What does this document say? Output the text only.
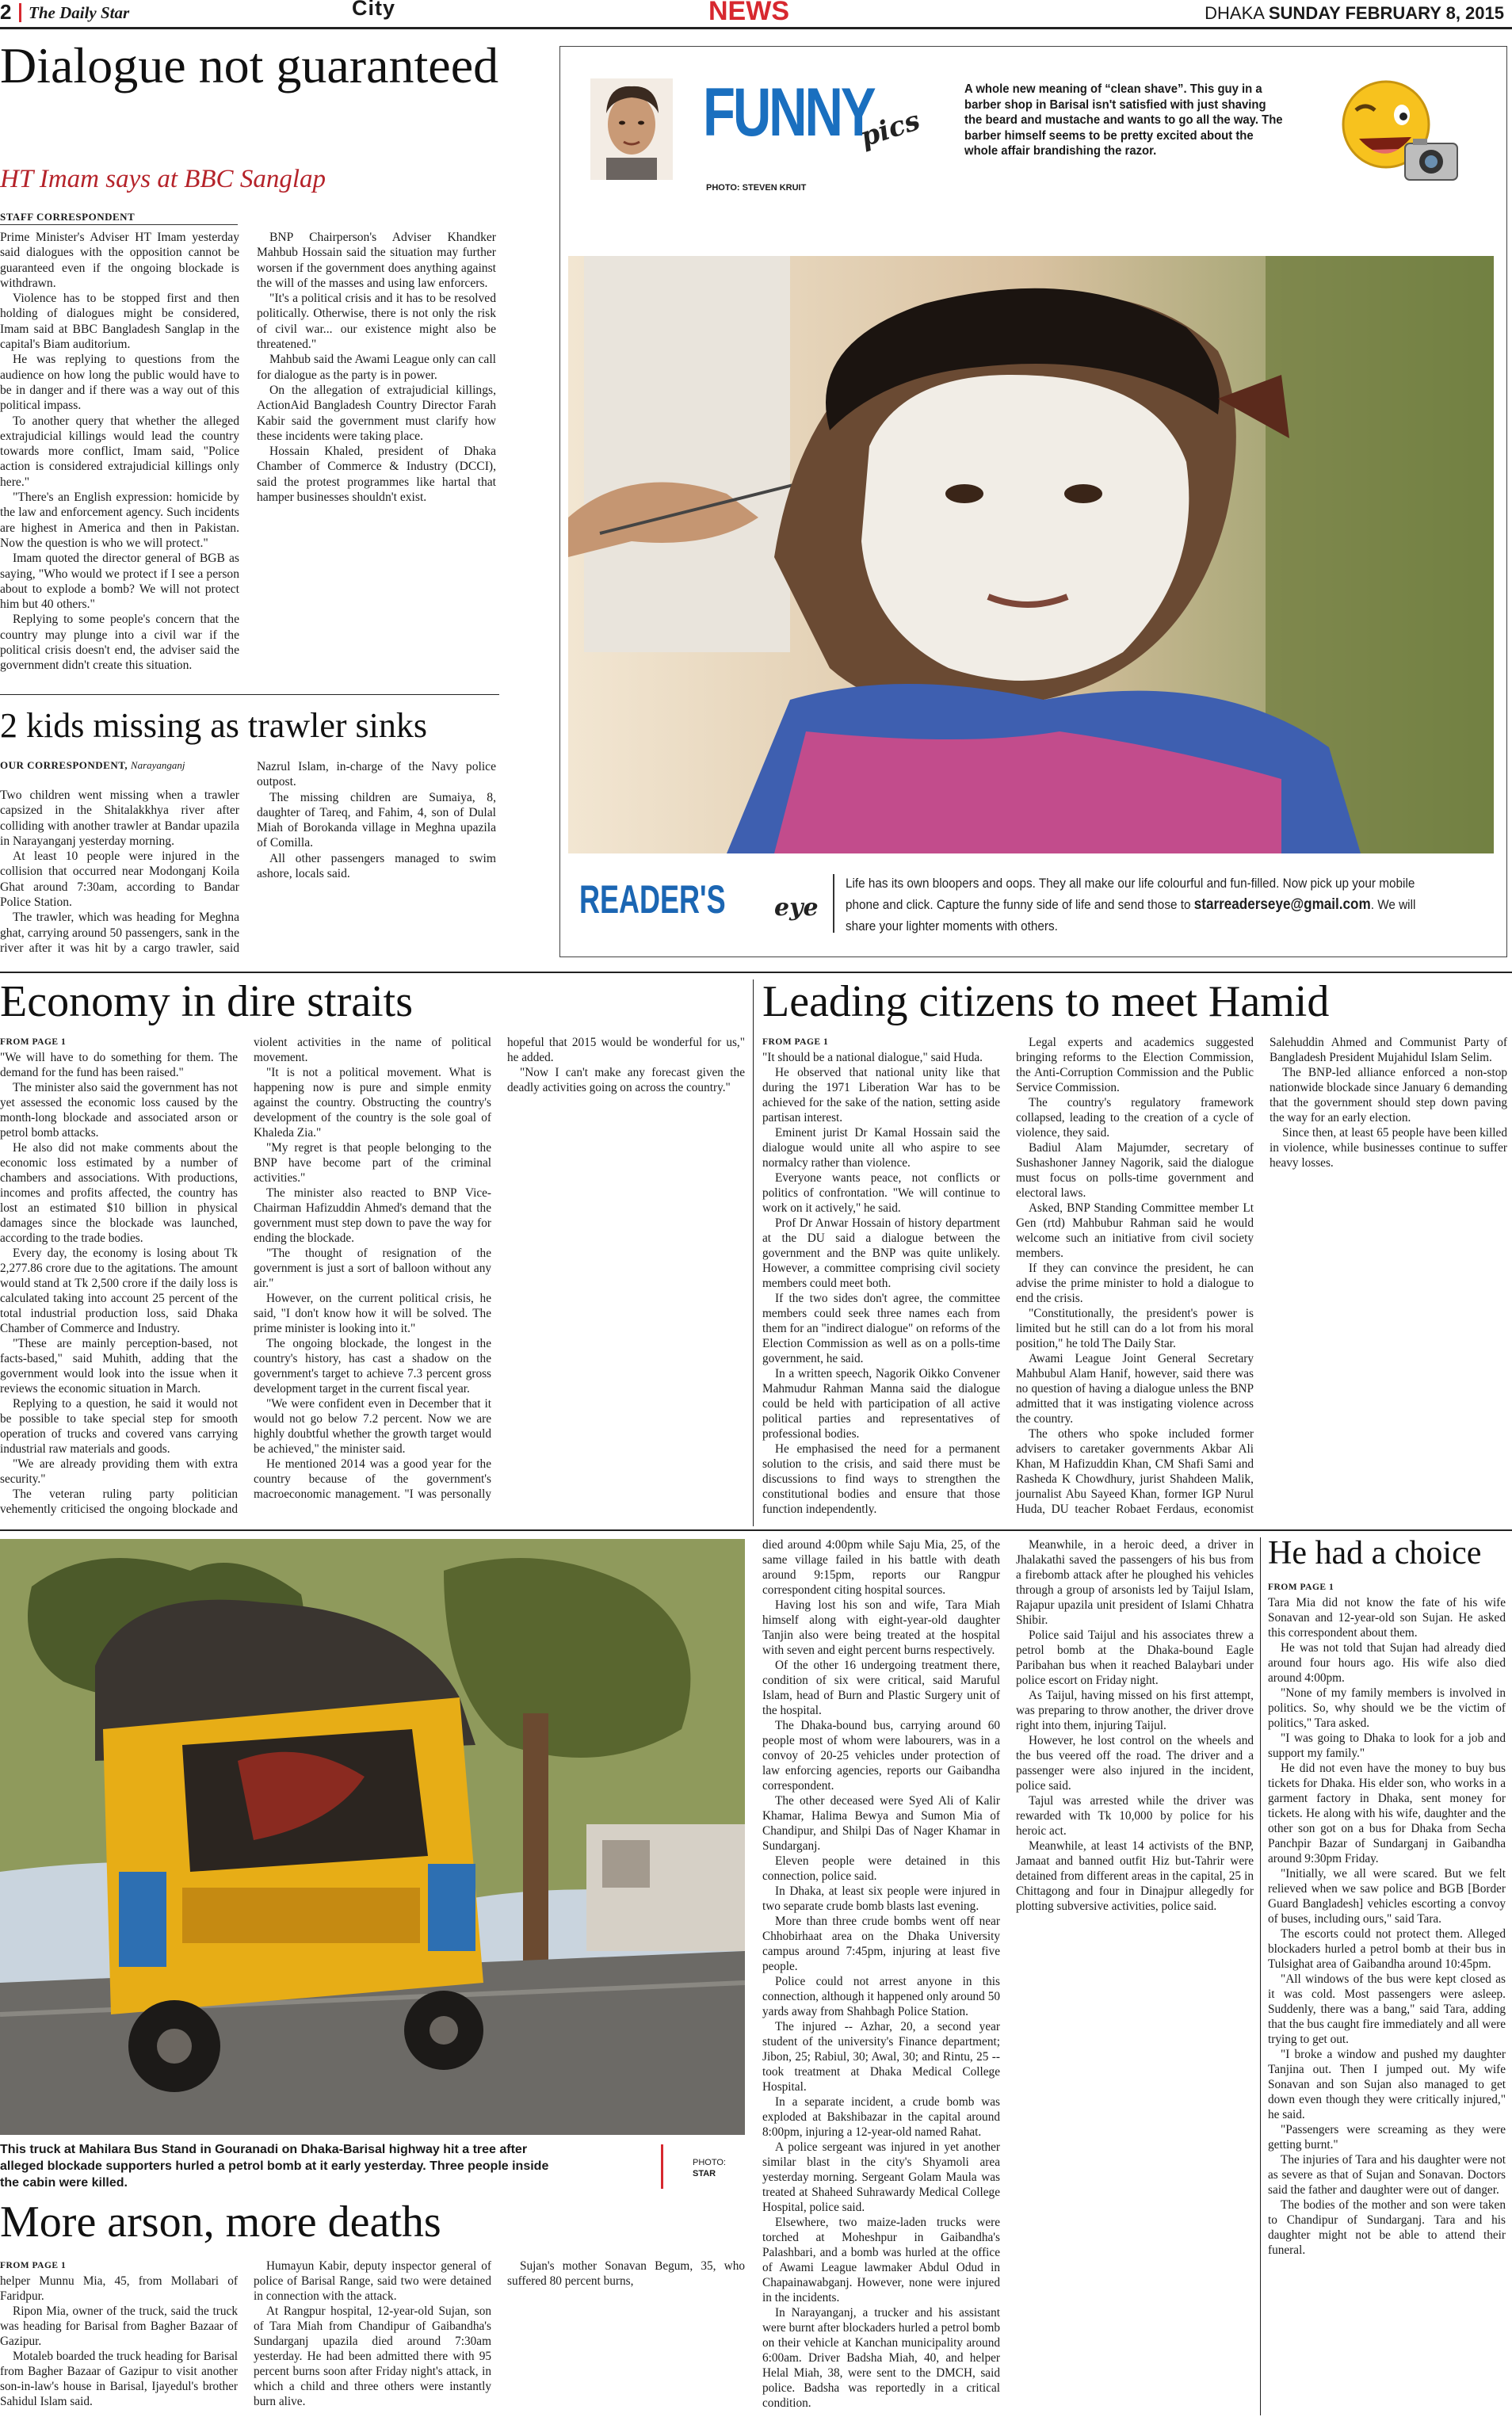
2 The Daily Star	City	NEWS	DHAKA SUNDAY FEBRUARY 8, 2015
Dialogue not guaranteed
HT Imam says at BBC Sanglap
STAFF CORRESPONDENT

Prime Minister's Adviser HT Imam yesterday said dialogues with the opposition cannot be guaranteed even if the ongoing blockade is withdrawn.

Violence has to be stopped first and then holding of dialogues might be considered, Imam said at BBC Bangladesh Sanglap in the capital's Biam auditorium.

He was replying to questions from the audience on how long the public would have to be in danger and if there was a way out of this political impass.

To another query that whether the alleged extrajudicial killings would lead the country towards more conflict, Imam said, "Police action is considered extrajudicial killings only here."

"There's an English expression: homicide by the law and enforcement agency. Such incidents are highest in America and then in Pakistan. Now the question is who we will protect."

Imam quoted the director general of BGB as saying, "Who would we protect if I see a person about to explode a bomb? We will not protect him but 40 others."

Replying to some people's concern that the country may plunge into a civil war if the political crisis doesn't end, the adviser said the government didn't create this situation.

BNP Chairperson's Adviser Khandker Mahbub Hossain said the situation may further worsen if the government does anything against the will of the masses and using law enforcers.

"It's a political crisis and it has to be resolved politically. Otherwise, there is not only the risk of civil war... our existence might also be threatened."

Mahbub said the Awami League only can call for dialogue as the party is in power.

On the allegation of extrajudicial killings, ActionAid Bangladesh Country Director Farah Kabir said the government must clarify how these incidents were taking place.

Hossain Khaled, president of Dhaka Chamber of Commerce & Industry (DCCI), said the protest programmes like hartal that hamper businesses shouldn't exist.

2 kids missing as trawler sinks
OUR CORRESPONDENT, Narayanganj

Two children went missing when a trawler capsized in the Shitalakkhya river after colliding with another trawler at Bandar upazila in Narayanganj yesterday morning.

At least 10 people were injured in the collision that occurred near Modonganj Koila Ghat around 7:30am, according to Bandar Police Station.

The trawler, which was heading for Meghna ghat, carrying around 50 passengers, sank in the river after it was hit by a cargo trawler, said Nazrul Islam, in-charge of the Navy police outpost.

The missing children are Sumaiya, 8, daughter of Tareq, and Fahim, 4, son of Dulal Miah of Borokanda village in Meghna upazila of Comilla.

All other passengers managed to swim ashore, locals said.

FUNNY
pics
PHOTO: STEVEN KRUIT
A whole new meaning of “clean shave”. This guy in a barber shop in Barisal isn't satisfied with just shaving the beard and mustache and wants to go all the way. The barber himself seems to be pretty excited about the whole affair brandishing the razor.
READER'S eye
Life has its own bloopers and oops. They all make our life colourful and fun-filled. Now pick up your mobile phone and click. Capture the funny side of life and send those to starreaderseye@gmail.com. We will share your lighter moments with others.
Economy in dire straits
FROM PAGE 1

"We will have to do something for them. The demand for the fund has been raised."

The minister also said the government has not yet assessed the economic loss caused by the month-long blockade and associated arson or petrol bomb attacks.

He also did not make comments about the economic loss estimated by a number of chambers and associations. With productions, incomes and profits affected, the country has lost an estimated $10 billion in physical damages since the blockade was launched, according to the trade bodies.

Every day, the economy is losing about Tk 2,277.86 crore due to the agitations. The amount would stand at Tk 2,500 crore if the daily loss is calculated taking into account 25 percent of the total industrial production loss, said Dhaka Chamber of Commerce and Industry.

"These are mainly perception-based, not facts-based," said Muhith, adding that the government would look into the issue when it reviews the economic situation in March.

Replying to a question, he said it would not be possible to take special step for smooth operation of trucks and covered vans carrying industrial raw materials and goods.

"We are already providing them with extra security."

The veteran ruling party politician vehemently criticised the ongoing blockade and violent activities in the name of political movement.

"It is not a political movement. What is happening now is pure and simple enmity against the country. Obstructing the country's development of the country is the sole goal of Khaleda Zia."

"My regret is that people belonging to the BNP have become part of the criminal activities."

The minister also reacted to BNP Vice-Chairman Hafizuddin Ahmed's demand that the government must step down to pave the way for ending the blockade.

"The thought of resignation of the government is just a sort of balloon without any air."

However, on the current political crisis, he said, "I don't know how it will be solved. The prime minister is looking into it."

The ongoing blockade, the longest in the country's history, has cast a shadow on the government's target to achieve 7.3 percent gross development target in the current fiscal year.

"We were confident even in December that it would not go below 7.2 percent. Now we are highly doubtful whether the growth target would be achieved," the minister said.

He mentioned 2014 was a good year for the country because of the government's macroeconomic management. "I was personally hopeful that 2015 would be wonderful for us," he added.

"Now I can't make any forecast given the deadly activities going on across the country."

Leading citizens to meet Hamid
FROM PAGE 1

"It should be a national dialogue," said Huda.

He observed that national unity like that during the 1971 Liberation War has to be achieved for the sake of the nation, setting aside partisan interest.

Eminent jurist Dr Kamal Hossain said the dialogue would unite all who aspire to see normalcy rather than violence.

Everyone wants peace, not conflicts or politics of confrontation. "We will continue to work on it actively," he said.

Prof Dr Anwar Hossain of history department at the DU said a dialogue between the government and the BNP was quite unlikely. However, a committee comprising civil society members could meet both.

If the two sides don't agree, the committee members could seek three names each from them for an "indirect dialogue" on reforms of the Election Commission as well as on a polls-time government, he said.

In a written speech, Nagorik Oikko Convener Mahmudur Rahman Manna said the dialogue could be held with participation of all active political parties and representatives of professional bodies.

He emphasised the need for a permanent solution to the crisis, and said there must be discussions to find ways to strengthen the constitutional bodies and ensure that those function independently.

Legal experts and academics suggested bringing reforms to the Election Commission, the Anti-Corruption Commission and the Public Service Commission.

The country's regulatory framework collapsed, leading to the creation of a cycle of violence, they said.

Badiul Alam Majumder, secretary of Sushashoner Janney Nagorik, said the dialogue must focus on polls-time government and electoral laws.

Asked, BNP Standing Committee member Lt Gen (rtd) Mahbubur Rahman said he would welcome such an initiative from civil society members.

If they can convince the president, he can advise the prime minister to hold a dialogue to end the crisis.

"Constitutionally, the president's power is limited but he still can do a lot from his moral position," he told The Daily Star.

Awami League Joint General Secretary Mahbubul Alam Hanif, however, said there was no question of having a dialogue unless the BNP admitted that it was instigating violence across the country.

The others who spoke included former advisers to caretaker governments Akbar Ali Khan, M Hafizuddin Khan, CM Shafi Sami and Rasheda K Chowdhury, jurist Shahdeen Malik, journalist Abu Sayeed Khan, former IGP Nurul Huda, DU teacher Robaet Ferdaus, economist Salehuddin Ahmed and Communist Party of Bangladesh President Mujahidul Islam Selim.

The BNP-led alliance enforced a non-stop nationwide blockade since January 6 demanding that the government should step down paving the way for an early election.

Since then, at least 65 people have been killed in violence, while businesses continue to suffer heavy losses.

This truck at Mahilara Bus Stand in Gouranadi on Dhaka-Barisal highway hit a tree after alleged blockade supporters hurled a petrol bomb at it early yesterday. Three people inside the cabin were killed.
PHOTO:
STAR
More arson, more deaths
FROM PAGE 1

helper Munnu Mia, 45, from Mollabari of Faridpur.

Ripon Mia, owner of the truck, said the truck was heading for Barisal from Bagher Bazaar of Gazipur.

Motaleb boarded the truck heading for Barisal from Bagher Bazaar of Gazipur to visit another son-in-law's house in Barisal, Ijayedul's brother Sahidul Islam said.

Humayun Kabir, deputy inspector general of police of Barisal Range, said two were detained in connection with the attack.

At Rangpur hospital, 12-year-old Sujan, son of Tara Miah from Chandipur of Gaibandha's Sundarganj upazila died around 7:30am yesterday. He had been admitted there with 95 percent burns soon after Friday night's attack, in which a child and three others were instantly burn alive.

Sujan's mother Sonavan Begum, 35, who suffered 80 percent burns,

died around 4:00pm while Saju Mia, 25, of the same village failed in his battle with death around 9:15pm, reports our Rangpur correspondent citing hospital sources.

Having lost his son and wife, Tara Miah himself along with eight-year-old daughter Tanjin also were being treated at the hospital with seven and eight percent burns respectively.

Of the other 16 undergoing treatment there, condition of six were critical, said Maruful Islam, head of Burn and Plastic Surgery unit of the hospital.

The Dhaka-bound bus, carrying around 60 people most of whom were labourers, was in a convoy of 20-25 vehicles under protection of law enforcing agencies, reports our Gaibandha correspondent.

The other deceased were Syed Ali of Kalir Khamar, Halima Bewya and Sumon Mia of Chandipur, and Shilpi Das of Nager Khamar in Sundarganj.

Eleven people were detained in this connection, police said.

In Dhaka, at least six people were injured in two separate crude bomb blasts last evening.

More than three crude bombs went off near Chhobirhaat area on the Dhaka University campus around 7:45pm, injuring at least five people.

Police could not arrest anyone in this connection, although it happened only around 50 yards away from Shahbagh Police Station.

The injured -- Azhar, 20, a second year student of the university's Finance department; Jibon, 25; Rabiul, 30; Awal, 30; and Rintu, 25 -- took treatment at Dhaka Medical College Hospital.

In a separate incident, a crude bomb was exploded at Bakshibazar in the capital around 8:00pm, injuring a 12-year-old named Rahat.

A police sergeant was injured in yet another similar blast in the city's Shyamoli area yesterday morning. Sergeant Golam Maula was treated at Shaheed Suhrawardy Medical College Hospital, police said.

Elsewhere, two maize-laden trucks were torched at Moheshpur in Gaibandha's Palashbari, and a bomb was hurled at the office of Awami League lawmaker Abdul Odud in Chapainawabganj. However, none were injured in the incidents.

In Narayanganj, a trucker and his assistant were burnt after blockaders hurled a petrol bomb on their vehicle at Kanchan municipality around 6:00am. Driver Badsha Miah, 40, and helper Helal Miah, 38, were sent to the DMCH, said police. Badsha was reportedly in a critical condition.

Meanwhile, in a heroic deed, a driver in Jhalakathi saved the passengers of his bus from a firebomb attack after he ploughed his vehicles through a group of arsonists led by Taijul Islam, Rajapur upazila unit president of Islami Chhatra Shibir.

Police said Taijul and his associates threw a petrol bomb at the Dhaka-bound Eagle Paribahan bus when it reached Balaybari under police escort on Friday night.

As Taijul, having missed on his first attempt, was preparing to throw another, the driver drove right into them, injuring Taijul.

However, he lost control on the wheels and the bus veered off the road. The driver and a passenger were also injured in the incident, police said.

Tajul was arrested while the driver was rewarded with Tk 10,000 by police for his heroic act.

Meanwhile, at least 14 activists of the BNP, Jamaat and banned outfit Hiz but-Tahrir were detained from different areas in the capital, 25 in Chittagong and four in Dinajpur allegedly for plotting subversive activities, police said.

He had a choice
FROM PAGE 1

Tara Mia did not know the fate of his wife Sonavan and 12-year-old son Sujan. He asked this correspondent about them.

He was not told that Sujan had already died around four hours ago. His wife also died around 4:00pm.

"None of my family members is involved in politics. So, why should we be the victim of politics," Tara asked.

"I was going to Dhaka to look for a job and support my family."

He did not even have the money to buy bus tickets for Dhaka. His elder son, who works in a garment factory in Dhaka, sent money for tickets. He along with his wife, daughter and the other son got on a bus for Dhaka from Secha Panchpir Bazar of Sundarganj in Gaibandha around 9:30pm Friday.

"Initially, we all were scared. But we felt relieved when we saw police and BGB [Border Guard Bangladesh] vehicles escorting a convoy of buses, including ours," said Tara.

The escorts could not protect them. Alleged blockaders hurled a petrol bomb at their bus in Tulsighat area of Gaibandha around 10:45pm.

"All windows of the bus were kept closed as it was cold. Most passengers were asleep. Suddenly, there was a bang," said Tara, adding that the bus caught fire immediately and all were trying to get out.

"I broke a window and pushed my daughter Tanjina out. Then I jumped out. My wife Sonavan and son Sujan also managed to get down even though they were critically injured," he said.

"Passengers were screaming as they were getting burnt."

The injuries of Tara and his daughter were not as severe as that of Sujan and Sonavan. Doctors said the father and daughter were out of danger.

The bodies of the mother and son were taken to Chandipur of Sundarganj. Tara and his daughter might not be able to attend their funeral.
